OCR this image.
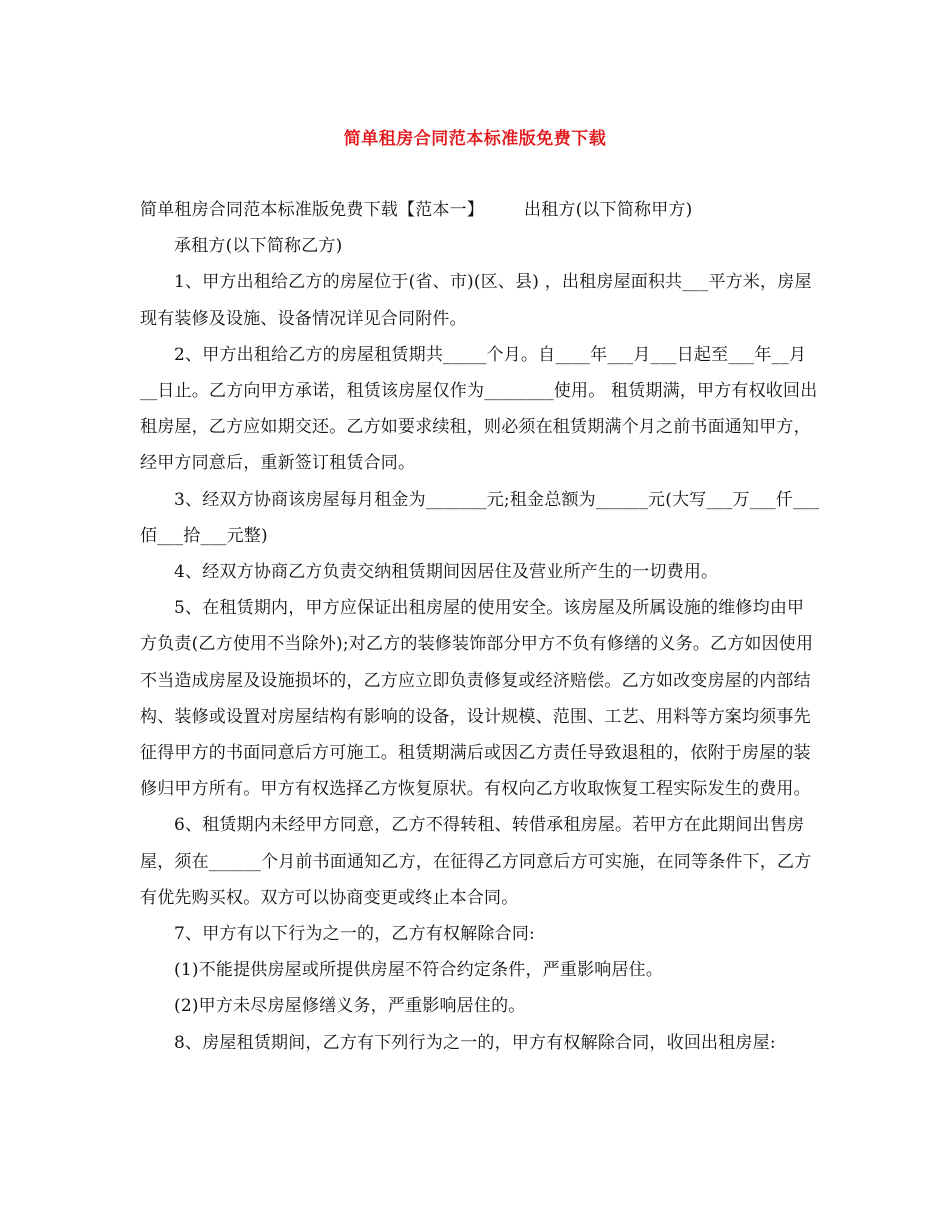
简单租房合同范本标准版免费下载

简单租房合同范本标准版免费下载【范本一】 出租方(以下简称甲方)

承租方(以下简称乙方)

1、甲方出租给乙方的房屋位于(省、市)(区、县) ，出租房屋面积共___平方米，房屋现有装修及设施、设备情况详见合同附件。

2、甲方出租给乙方的房屋租赁期共_____个月。自____年___月___日起至___年__月__日止。乙方向甲方承诺，租赁该房屋仅作为________使用。 租赁期满，甲方有权收回出租房屋，乙方应如期交还。乙方如要求续租，则必须在租赁期满个月之前书面通知甲方，经甲方同意后，重新签订租赁合同。

3、经双方协商该房屋每月租金为_______元;租金总额为______元(大写___万___仟___佰___拾___元整)

4、经双方协商乙方负责交纳租赁期间因居住及营业所产生的一切费用。

5、在租赁期内，甲方应保证出租房屋的使用安全。该房屋及所属设施的维修均由甲方负责(乙方使用不当除外);对乙方的装修装饰部分甲方不负有修缮的义务。乙方如因使用不当造成房屋及设施损坏的，乙方应立即负责修复或经济赔偿。乙方如改变房屋的内部结构、装修或设置对房屋结构有影响的设备，设计规模、范围、工艺、用料等方案均须事先征得甲方的书面同意后方可施工。租赁期满后或因乙方责任导致退租的，依附于房屋的装修归甲方所有。甲方有权选择乙方恢复原状。有权向乙方收取恢复工程实际发生的费用。

6、租赁期内未经甲方同意，乙方不得转租、转借承租房屋。若甲方在此期间出售房屋，须在______个月前书面通知乙方，在征得乙方同意后方可实施，在同等条件下，乙方有优先购买权。双方可以协商变更或终止本合同。

7、甲方有以下行为之一的，乙方有权解除合同:

(1)不能提供房屋或所提供房屋不符合约定条件，严重影响居住。

(2)甲方未尽房屋修缮义务，严重影响居住的。

8、房屋租赁期间，乙方有下列行为之一的，甲方有权解除合同，收回出租房屋:
